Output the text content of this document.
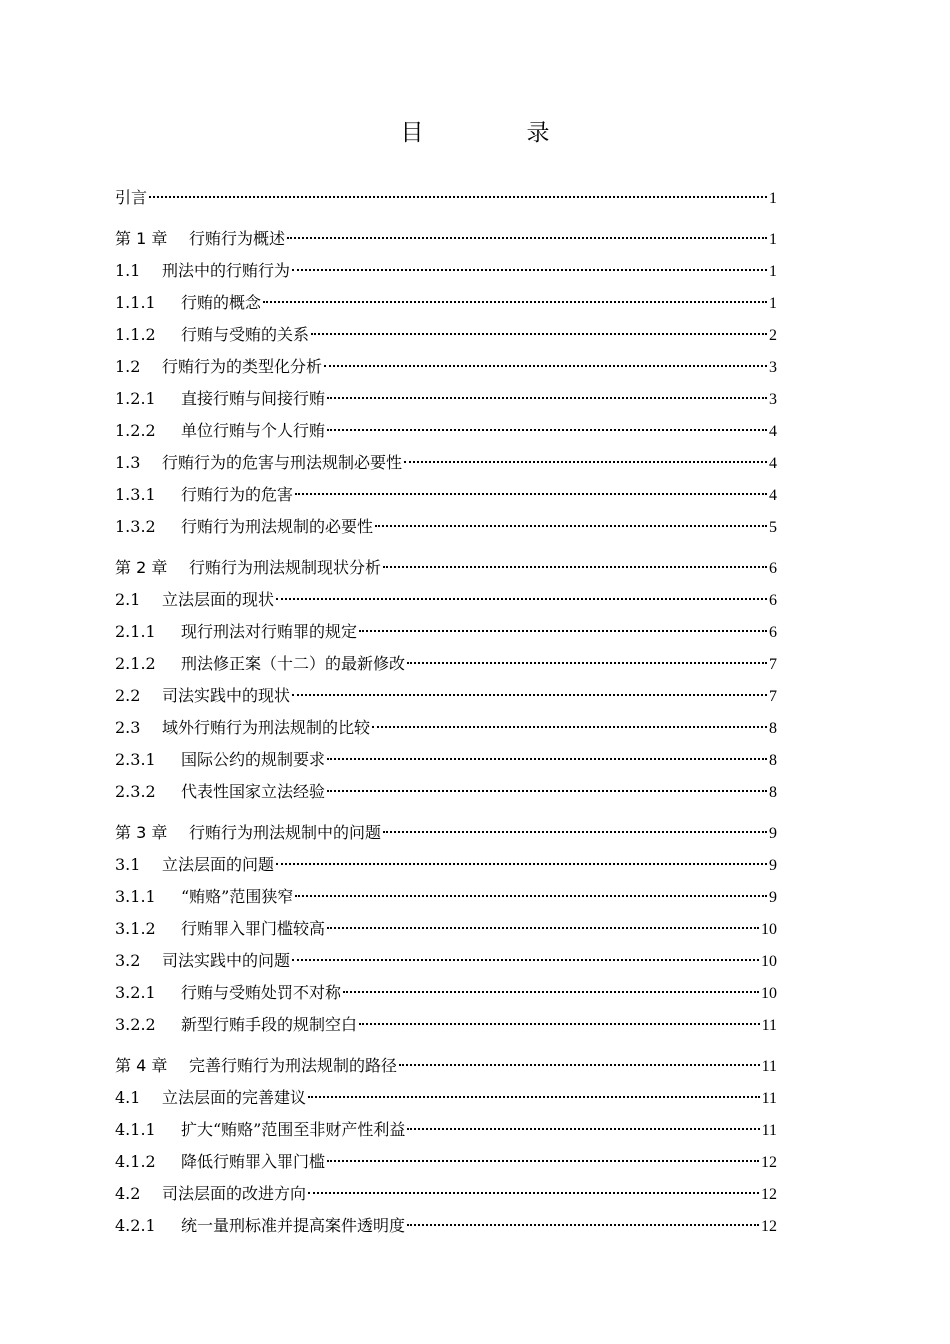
目　录
引言	1
第 1 章	行贿行为概述	1
1.1	刑法中的行贿行为	1
1.1.1	行贿的概念	1
1.1.2	行贿与受贿的关系	2
1.2	行贿行为的类型化分析	3
1.2.1	直接行贿与间接行贿	3
1.2.2	单位行贿与个人行贿	4
1.3	行贿行为的危害与刑法规制必要性	4
1.3.1	行贿行为的危害	4
1.3.2	行贿行为刑法规制的必要性	5
第 2 章	行贿行为刑法规制现状分析	6
2.1	立法层面的现状	6
2.1.1	现行刑法对行贿罪的规定	6
2.1.2	刑法修正案（十二）的最新修改	7
2.2	司法实践中的现状	7
2.3	域外行贿行为刑法规制的比较	8
2.3.1	国际公约的规制要求	8
2.3.2	代表性国家立法经验	8
第 3 章	行贿行为刑法规制中的问题	9
3.1	立法层面的问题	9
3.1.1	“贿赂”范围狭窄	9
3.1.2	行贿罪入罪门槛较高	10
3.2	司法实践中的问题	10
3.2.1	行贿与受贿处罚不对称	10
3.2.2	新型行贿手段的规制空白	11
第 4 章	完善行贿行为刑法规制的路径	11
4.1	立法层面的完善建议	11
4.1.1	扩大“贿赂”范围至非财产性利益	11
4.1.2	降低行贿罪入罪门槛	12
4.2	司法层面的改进方向	12
4.2.1	统一量刑标准并提高案件透明度	12
